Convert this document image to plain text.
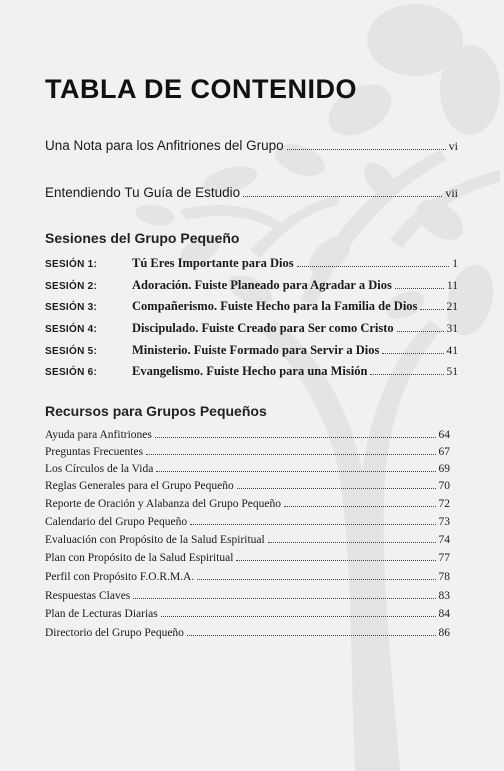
TABLA DE CONTENIDO
Una Nota para los Anfitriones del Grupo	vi
Entendiendo Tu Guía de Estudio	vii
Sesiones del Grupo Pequeño
SESIÓN 1:	Tú Eres Importante para Dios	1
SESIÓN 2:	Adoración. Fuiste Planeado para Agradar a Dios	11
SESIÓN 3:	Compañerismo. Fuiste Hecho para la Familia de Dios	21
SESIÓN 4:	Discipulado. Fuiste Creado para Ser como Cristo	31
SESIÓN 5:	Ministerio. Fuiste Formado para Servir a Dios	41
SESIÓN 6:	Evangelismo. Fuiste Hecho para una Misión	51
Recursos para Grupos Pequeños
Ayuda para Anfitriones	64
Preguntas Frecuentes	67
Los Círculos de la Vida	69
Reglas Generales para el Grupo Pequeño	70
Reporte de Oración y Alabanza del Grupo Pequeño	72
Calendario del Grupo Pequeño	73
Evaluación con Propósito de la Salud Espiritual	74
Plan con Propósito de la Salud Espiritual	77
Perfil con Propósito F.O.R.M.A.	78
Respuestas Claves	83
Plan de Lecturas Diarias	84
Directorio del Grupo Pequeño	86
